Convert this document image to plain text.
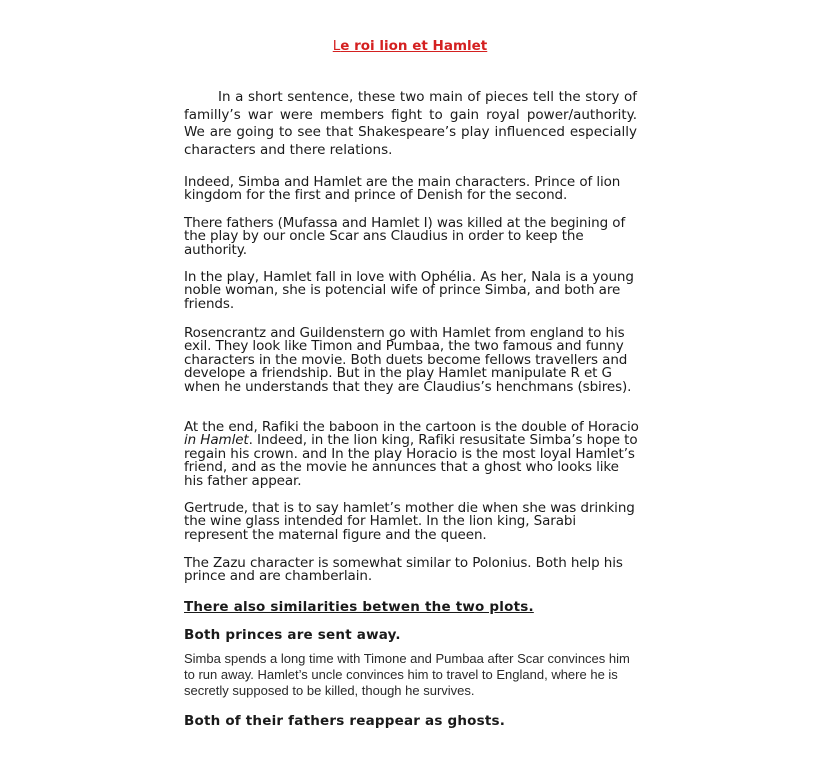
Le roi lion et Hamlet
In a short sentence, these two main of pieces tell the story of familly’s war were members fight to gain royal power/authority. We are going to see that Shakespeare’s play influenced especially characters and there relations.
Indeed, Simba and Hamlet are the main characters. Prince of lion kingdom for the first and prince of Denish for the second.
There fathers (Mufassa and Hamlet I) was killed at the begining of the play by our oncle Scar ans Claudius in order to keep the authority.
In the play, Hamlet fall in love with Ophélia. As her, Nala is a young noble woman, she is potencial wife of prince Simba, and both are friends.
Rosencrantz and Guildenstern go with Hamlet from england to his exil. They look like Timon and Pumbaa, the two famous and funny characters in the movie. Both duets become fellows travellers and develope a friendship. But in the play Hamlet manipulate R et G when he understands that they are Claudius’s henchmans (sbires).
At the end, Rafiki the baboon in the cartoon is the double of Horacio in Hamlet. Indeed, in the lion king, Rafiki resusitate Simba’s hope to regain his crown. and In the play Horacio is the most loyal Hamlet’s friend, and as the movie he annunces that a ghost who looks like his father appear.
Gertrude, that is to say hamlet’s mother die when she was drinking the wine glass intended for Hamlet. In the lion king, Sarabi represent the maternal figure and the queen.
The Zazu character is somewhat similar to Polonius. Both help his prince and are chamberlain.
There also similarities betwen the two plots.
Both princes are sent away.
Simba spends a long time with Timone and Pumbaa after Scar convinces him to run away. Hamlet’s uncle convinces him to travel to England, where he is secretly supposed to be killed, though he survives.
Both of their fathers reappear as ghosts.
